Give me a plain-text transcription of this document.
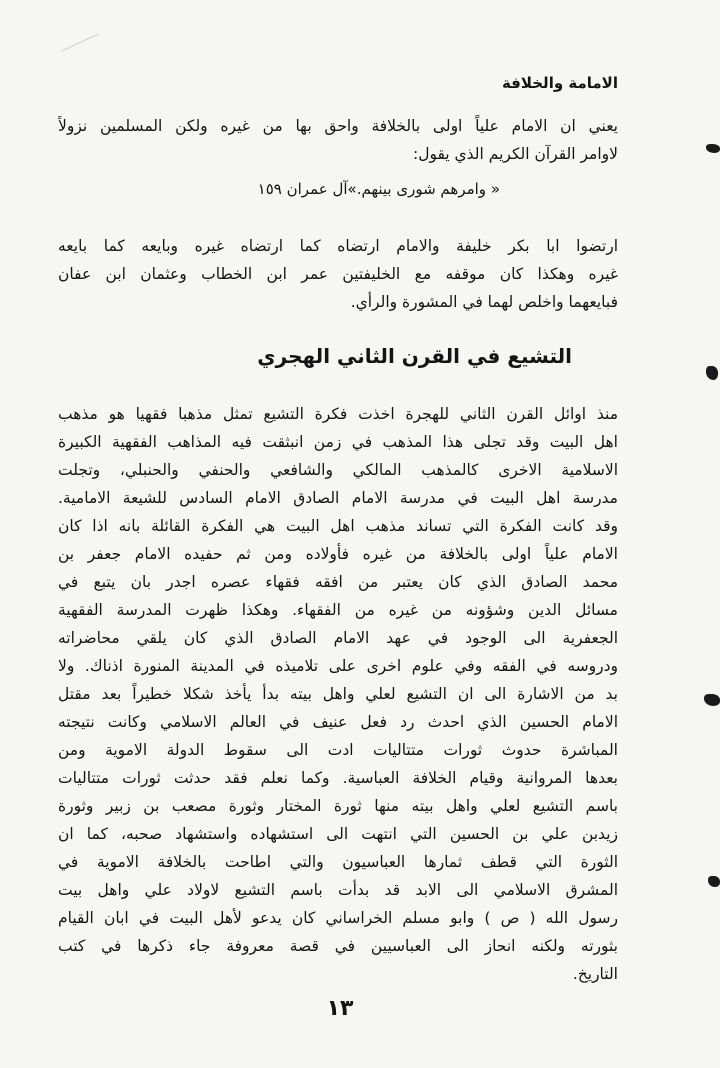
الامامة والخلافة
يعني ان الامام علياً اولى بالخلافة واحق بها من غيره ولكن المسلمين نزولاً
لاوامر القرآن الكريم الذي يقول:
« وامرهم شورى بينهم.»آل عمران ١٥٩
ارتضوا ابا بكر خليفة والامام ارتضاه كما ارتضاه غيره وبايعه كما بايعه
غيره وهكذا كان موقفه مع الخليفتين عمر ابن الخطاب وعثمان ابن عفان
فبايعهما واخلص لهما في المشورة والرأي.
التشيع في القرن الثاني الهجري
منذ اوائل القرن الثاني للهجرة اخذت فكرة التشيع تمثل مذهبا فقهيا هو مذهب
اهل البيت وقد تجلى هذا المذهب في زمن انبثقت فيه المذاهب الفقهية الكبيرة
الاسلامية الاخرى كالمذهب المالكي والشافعي والحنفي والحنبلي، وتجلت
مدرسة اهل البيت في مدرسة الامام الصادق الامام السادس للشيعة الامامية.
وقد كانت الفكرة التي تساند مذهب اهل البيت هي الفكرة القائلة بانه اذا كان
الامام علياً اولى بالخلافة من غيره فأولاده ومن ثم حفيده الامام جعفر بن
محمد الصادق الذي كان يعتبر من افقه فقهاء عصره اجدر بان يتبع في
مسائل الدين وشؤونه من غيره من الفقهاء. وهكذا ظهرت المدرسة الفقهية
الجعفرية الى الوجود في عهد الامام الصادق الذي كان يلقي محاضراته
ودروسه في الفقه وفي علوم اخرى على تلاميذه في المدينة المنورة اذناك. ولا
بد من الاشارة الى ان التشيع لعلي واهل بيته بدأ يأخذ شكلا خطيراً بعد مقتل
الامام الحسين الذي احدث رد فعل عنيف في العالم الاسلامي وكانت نتيجته
المباشرة حدوث ثورات متتاليات ادت الى سقوط الدولة الاموية ومن
بعدها المروانية وقيام الخلافة العباسية. وكما نعلم فقد حدثت ثورات متتاليات
باسم التشيع لعلي واهل بيته منها ثورة المختار وثورة مصعب بن زبير وثورة
زيدبن علي بن الحسين التي انتهت الى استشهاده واستشهاد صحبه، كما ان
الثورة التي قطف ثمارها العباسيون والتي اطاحت بالخلافة الاموية في
المشرق الاسلامي الى الابد قد بدأت باسم التشيع لاولاد علي واهل بيت
رسول الله ( ص ) وابو مسلم الخراساني كان يدعو لأهل البيت في ابان القيام
بثورته ولكنه انحاز الى العباسيين في قصة معروفة جاء ذكرها في كتب
التاريخ.
١٣
